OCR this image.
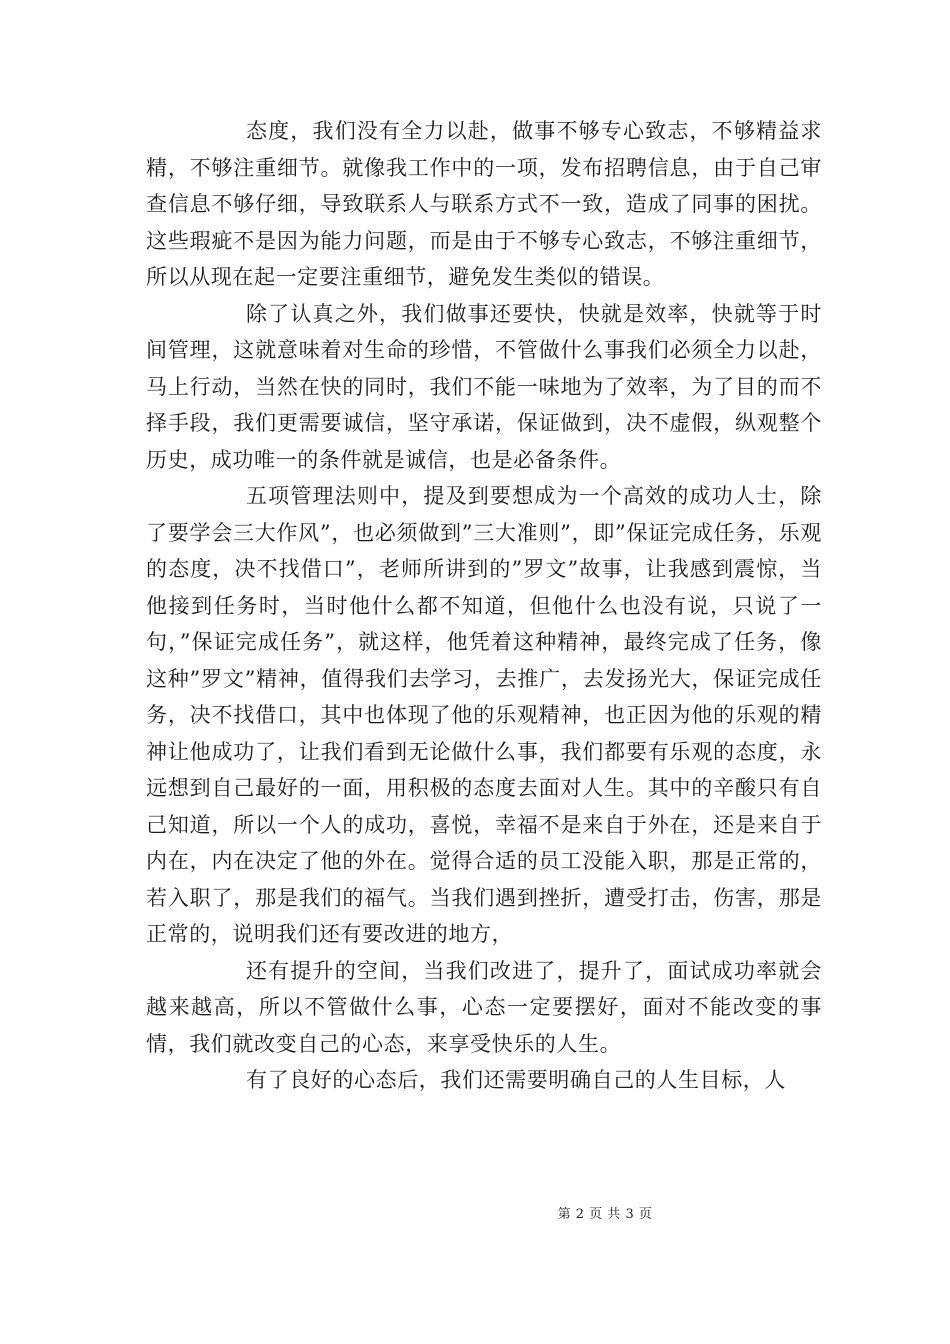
态度，我们没有全力以赴，做事不够专心致志，不够精益求精，不够注重细节。就像我工作中的一项，发布招聘信息，由于自己审查信息不够仔细，导致联系人与联系方式不一致，造成了同事的困扰。这些瑕疵不是因为能力问题，而是由于不够专心致志，不够注重细节，所以从现在起一定要注重细节，避免发生类似的错误。

除了认真之外，我们做事还要快，快就是效率，快就等于时间管理，这就意味着对生命的珍惜，不管做什么事我们必须全力以赴，马上行动，当然在快的同时，我们不能一味地为了效率，为了目的而不择手段，我们更需要诚信，坚守承诺，保证做到，决不虚假，纵观整个历史，成功唯一的条件就是诚信，也是必备条件。

五项管理法则中，提及到要想成为一个高效的成功人士，除了要学会三大作风”，也必须做到”三大准则”，即”保证完成任务，乐观的态度，决不找借口”，老师所讲到的”罗文”故事，让我感到震惊，当他接到任务时，当时他什么都不知道，但他什么也没有说，只说了一句，”保证完成任务”，就这样，他凭着这种精神，最终完成了任务，像这种”罗文”精神，值得我们去学习，去推广，去发扬光大，保证完成任务，决不找借口，其中也体现了他的乐观精神，也正因为他的乐观的精神让他成功了，让我们看到无论做什么事，我们都要有乐观的态度，永远想到自己最好的一面，用积极的态度去面对人生。其中的辛酸只有自己知道，所以一个人的成功，喜悦，幸福不是来自于外在，还是来自于内在，内在决定了他的外在。觉得合适的员工没能入职，那是正常的，若入职了，那是我们的福气。当我们遇到挫折，遭受打击，伤害，那是正常的，说明我们还有要改进的地方，

还有提升的空间，当我们改进了，提升了，面试成功率就会越来越高，所以不管做什么事，心态一定要摆好，面对不能改变的事情，我们就改变自己的心态，来享受快乐的人生。

有了良好的心态后，我们还需要明确自己的人生目标，人

第 2 页 共 3 页
